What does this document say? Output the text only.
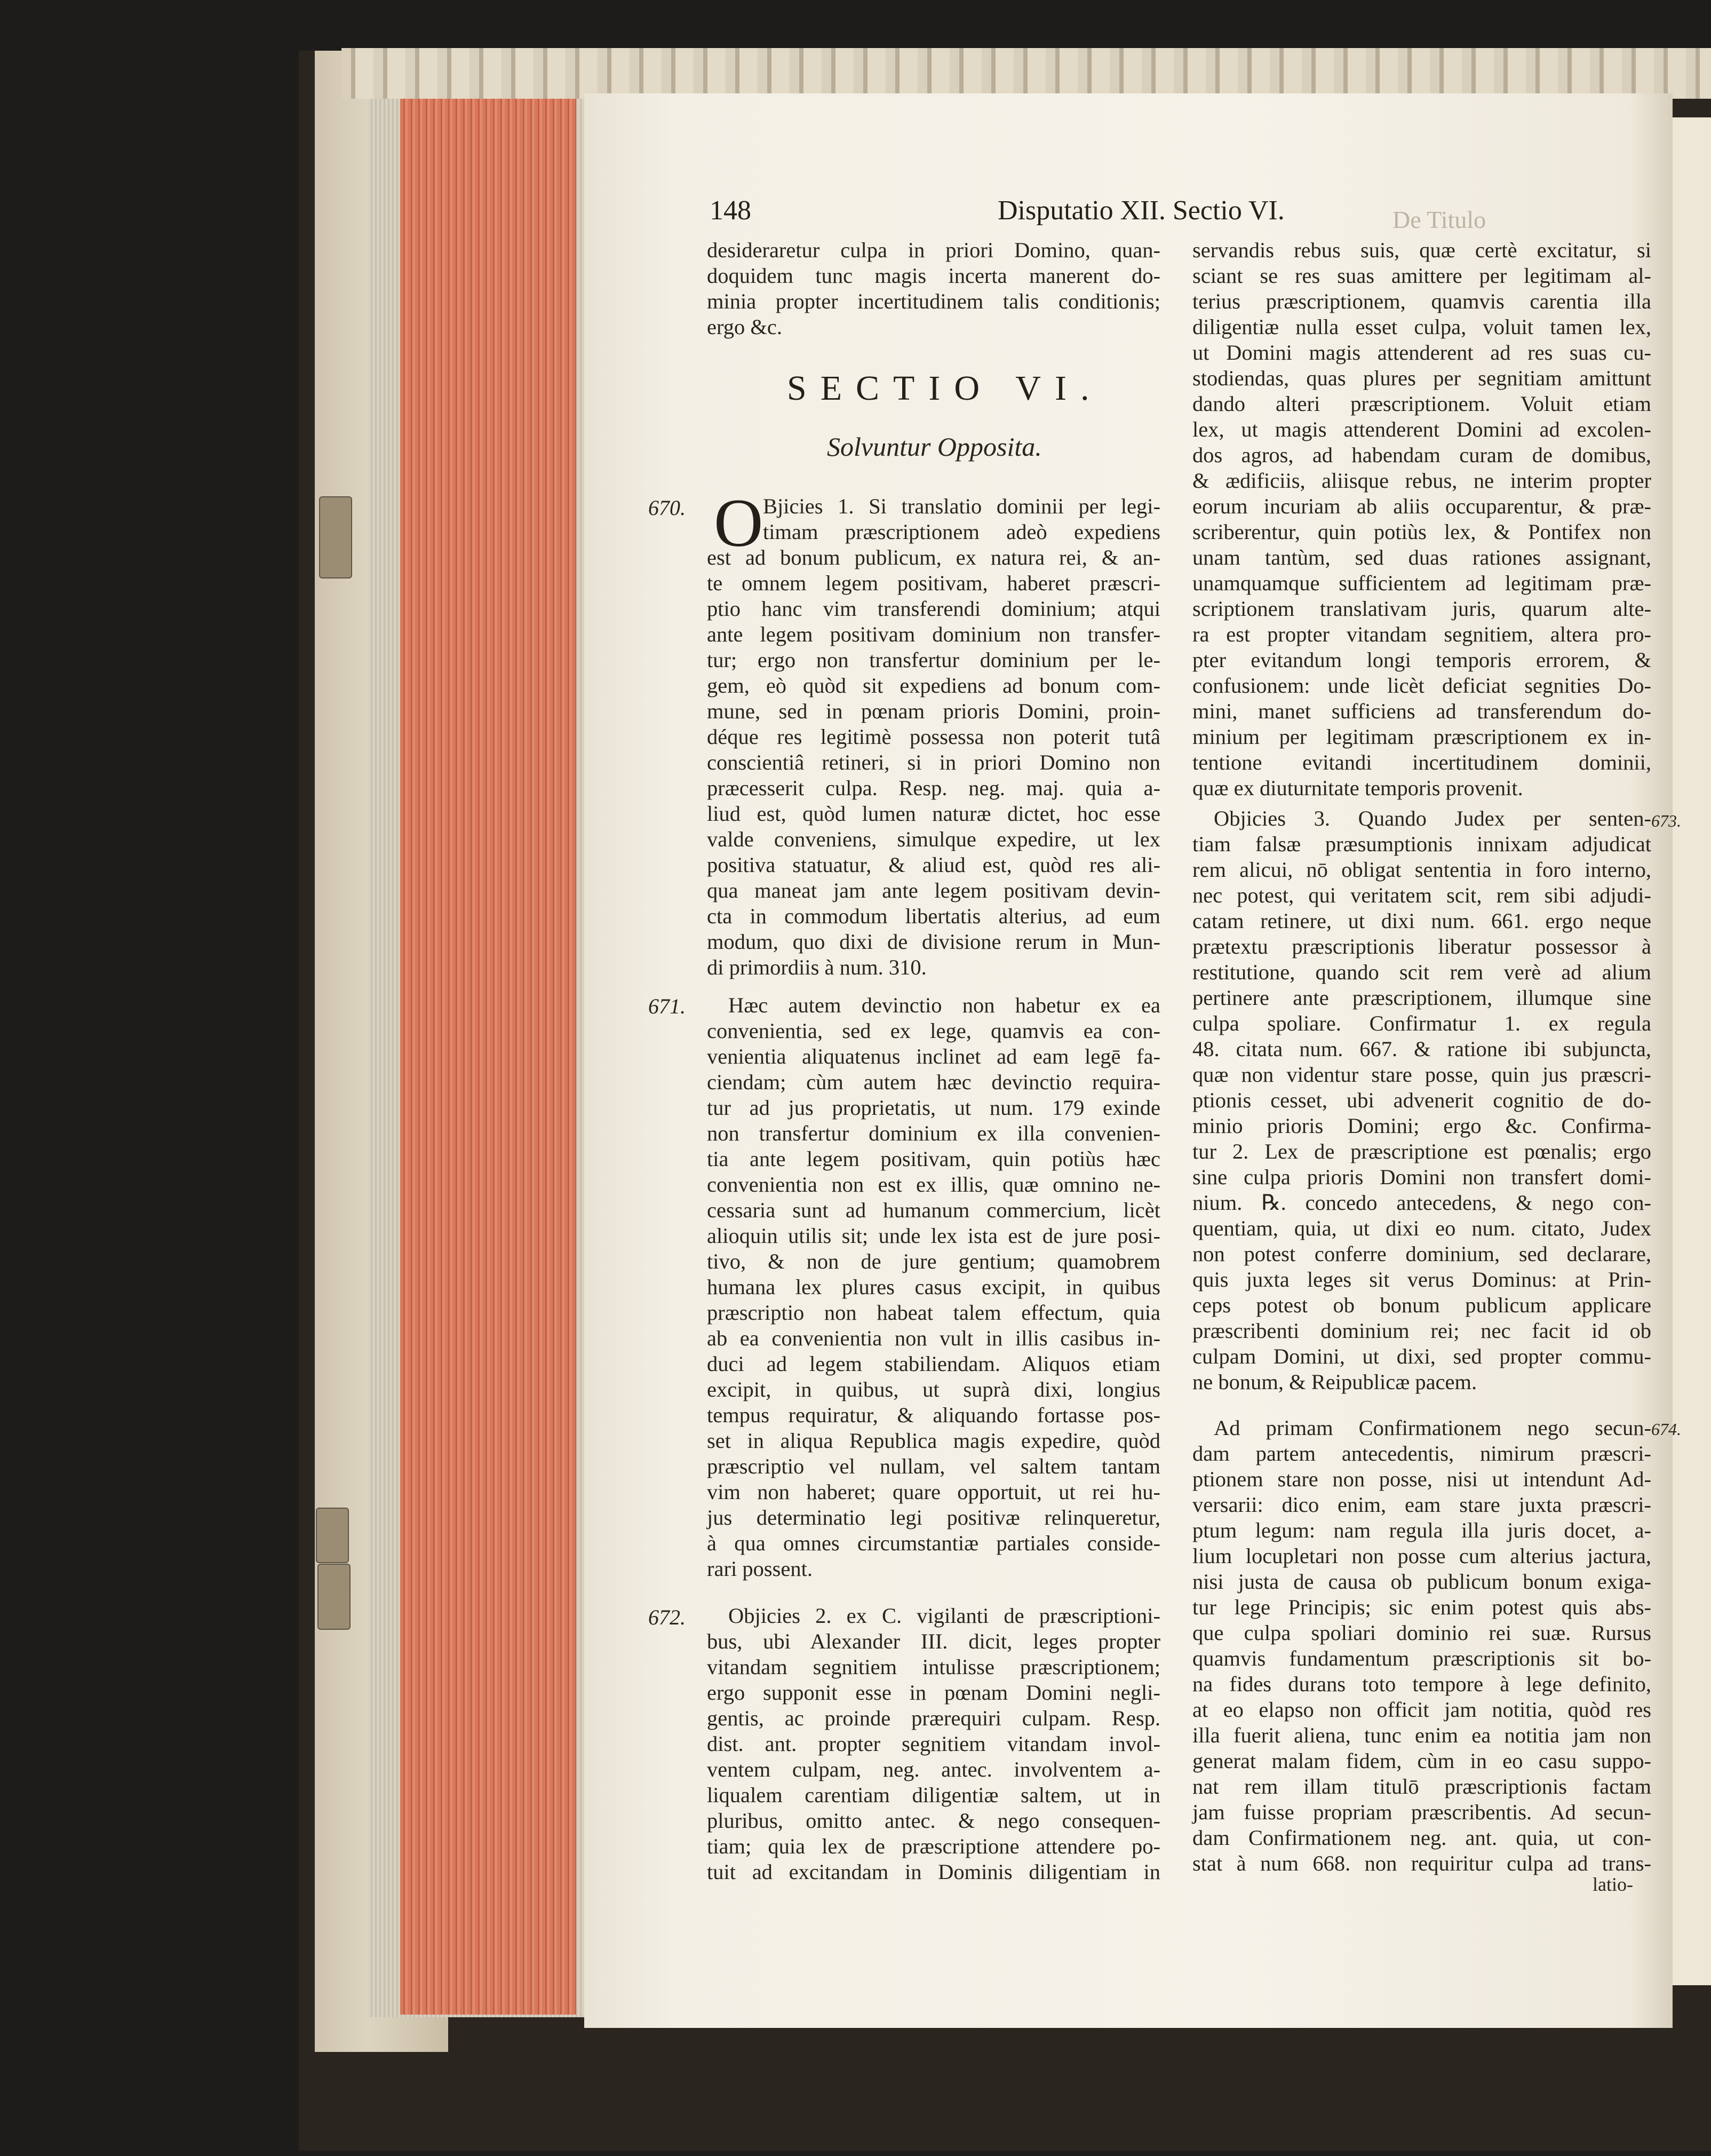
De Titulo
148	Disputatio XII. Sectio VI.
670.
671.
672.
673.
674.
desideraretur culpa in priori Domino, quan-
doquidem tunc magis incerta manerent do-
minia propter incertitudinem talis conditionis;
ergo &c.
SECTIO VI.
Solvuntur Opposita.
O Bjicies 1. Si translatio dominii per legi-
timam præscriptionem adeò expediens
est ad bonum publicum, ex natura rei, & an-
te omnem legem positivam, haberet præscri-
ptio hanc vim transferendi dominium; atqui
ante legem positivam dominium non transfer-
tur; ergo non transfertur dominium per le-
gem, eò quòd sit expediens ad bonum com-
mune, sed in pœnam prioris Domini, proin-
déque res legitimè possessa non poterit tutâ
conscientiâ retineri, si in priori Domino non
præcesserit culpa. Resp. neg. maj. quia a-
liud est, quòd lumen naturæ dictet, hoc esse
valde conveniens, simulque expedire, ut lex
positiva statuatur, & aliud est, quòd res ali-
qua maneat jam ante legem positivam devin-
cta in commodum libertatis alterius, ad eum
modum, quo dixi de divisione rerum in Mun-
di primordiis à num. 310.
Hæc autem devinctio non habetur ex ea
convenientia, sed ex lege, quamvis ea con-
venientia aliquatenus inclinet ad eam legē fa-
ciendam; cùm autem hæc devinctio requira-
tur ad jus proprietatis, ut num. 179 exinde
non transfertur dominium ex illa convenien-
tia ante legem positivam, quin potiùs hæc
convenientia non est ex illis, quæ omnino ne-
cessaria sunt ad humanum commercium, licèt
alioquin utilis sit; unde lex ista est de jure posi-
tivo, & non de jure gentium; quamobrem
humana lex plures casus excipit, in quibus
præscriptio non habeat talem effectum, quia
ab ea convenientia non vult in illis casibus in-
duci ad legem stabiliendam. Aliquos etiam
excipit, in quibus, ut suprà dixi, longius
tempus requiratur, & aliquando fortasse pos-
set in aliqua Republica magis expedire, quòd
præscriptio vel nullam, vel saltem tantam
vim non haberet; quare opportuit, ut rei hu-
jus determinatio legi positivæ relinqueretur,
à qua omnes circumstantiæ partiales conside-
rari possent.
Objicies 2. ex C. vigilanti de præscriptioni-
bus, ubi Alexander III. dicit, leges propter
vitandam segnitiem intulisse præscriptionem;
ergo supponit esse in pœnam Domini negli-
gentis, ac proinde prærequiri culpam. Resp.
dist. ant. propter segnitiem vitandam invol-
ventem culpam, neg. antec. involventem a-
liqualem carentiam diligentiæ saltem, ut in
pluribus, omitto antec. & nego consequen-
tiam; quia lex de præscriptione attendere po-
tuit ad excitandam in Dominis diligentiam in
servandis rebus suis, quæ certè excitatur, si
sciant se res suas amittere per legitimam al-
terius præscriptionem, quamvis carentia illa
diligentiæ nulla esset culpa, voluit tamen lex,
ut Domini magis attenderent ad res suas cu-
stodiendas, quas plures per segnitiam amittunt
dando alteri præscriptionem. Voluit etiam
lex, ut magis attenderent Domini ad excolen-
dos agros, ad habendam curam de domibus,
& ædificiis, aliisque rebus, ne interim propter
eorum incuriam ab aliis occuparentur, & præ-
scriberentur, quin potiùs lex, & Pontifex non
unam tantùm, sed duas rationes assignant,
unamquamque sufficientem ad legitimam præ-
scriptionem translativam juris, quarum alte-
ra est propter vitandam segnitiem, altera pro-
pter evitandum longi temporis errorem, &
confusionem: unde licèt deficiat segnities Do-
mini, manet sufficiens ad transferendum do-
minium per legitimam præscriptionem ex in-
tentione evitandi incertitudinem dominii,
quæ ex diuturnitate temporis provenit.
Objicies 3. Quando Judex per senten-
tiam falsæ præsumptionis innixam adjudicat
rem alicui, nō obligat sententia in foro interno,
nec potest, qui veritatem scit, rem sibi adjudi-
catam retinere, ut dixi num. 661. ergo neque
prætextu præscriptionis liberatur possessor à
restitutione, quando scit rem verè ad alium
pertinere ante præscriptionem, illumque sine
culpa spoliare. Confirmatur 1. ex regula
48. citata num. 667. & ratione ibi subjuncta,
quæ non videntur stare posse, quin jus præscri-
ptionis cesset, ubi advenerit cognitio de do-
minio prioris Domini; ergo &c. Confirma-
tur 2. Lex de præscriptione est pœnalis; ergo
sine culpa prioris Domini non transfert domi-
nium. ℞. concedo antecedens, & nego con-
quentiam, quia, ut dixi eo num. citato, Judex
non potest conferre dominium, sed declarare,
quis juxta leges sit verus Dominus: at Prin-
ceps potest ob bonum publicum applicare
præscribenti dominium rei; nec facit id ob
culpam Domini, ut dixi, sed propter commu-
ne bonum, & Reipublicæ pacem.
Ad primam Confirmationem nego secun-
dam partem antecedentis, nimirum præscri-
ptionem stare non posse, nisi ut intendunt Ad-
versarii: dico enim, eam stare juxta præscri-
ptum legum: nam regula illa juris docet, a-
lium locupletari non posse cum alterius jactura,
nisi justa de causa ob publicum bonum exiga-
tur lege Principis; sic enim potest quis abs-
que culpa spoliari dominio rei suæ. Rursus
quamvis fundamentum præscriptionis sit bo-
na fides durans toto tempore à lege definito,
at eo elapso non officit jam notitia, quòd res
illa fuerit aliena, tunc enim ea notitia jam non
generat malam fidem, cùm in eo casu suppo-
nat rem illam titulō præscriptionis factam
jam fuisse propriam præscribentis. Ad secun-
dam Confirmationem neg. ant. quia, ut con-
stat à num 668. non requiritur culpa ad trans-
latio-
